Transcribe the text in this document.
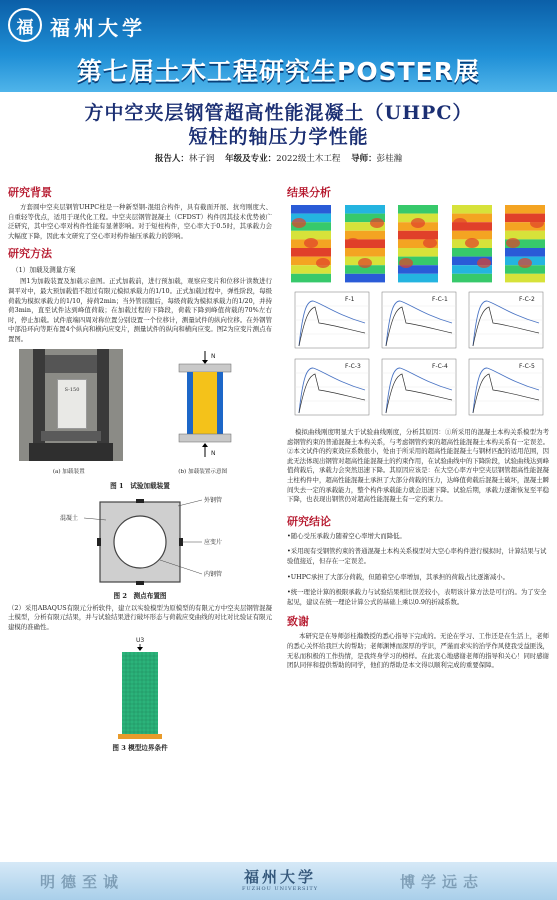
福 福州大学
第七届土木工程研究生POSTER展
方中空夹层钢管超高性能混凝土（UHPC）
短柱的轴压力学性能
报告人：林子润 年级及专业：2022级土木工程 导师：彭桂瀚
研究背景
方套圆中空夹层钢管UHPC柱是一种新型钢-混组合构件，具有截面开展、抗弯刚度大、自重轻等优点，适用于现代化工程。中空夹层钢管混凝土（CFDST）构件因其技术优势被广泛研究，其中空心率对构件性能有显著影响。对于短柱构件，空心率大于0.5时，其承载力会大幅度下降，因此本文研究了空心率对构件轴压承载力的影响。
研究方法
（1）加载及测量方案
图1为加载装置及加载示意图。正式加载前，进行预加载，观察应变片和位移计读数进行调平对中，最大预加载值不超过有限元模拟承载力的1/10。正式加载过程中，弹性阶段，每级荷载为模拟承载力的1/10，持荷2min；当外管屈服后，每级荷载为模拟承载力的1/20，并持荷3min，直至试件达到峰值荷载；在加载过程的下降段，荷载下降到峰值荷载的70%左右时，停止加载。试件底端四周对称位置分别设置一个位移计，测量试件的纵向位移。在外钢管中部沿环向等距布置4个纵向和横向应变片，测量试件的纵向和横向应变。图2为应变片测点布置图。
S-150
N
N
(a) 加载装置	(b) 加载装置示意图
图 1　试验加载装置
外钢管
混凝土
应变片
内钢管
图 2　测点布置图
（2）采用ABAQUS有限元分析软件，建立以实验模型为原模型的有限元方中空夹层钢管混凝土模型，分析有限元结果，并与试验结果进行破坏形态与荷载应变曲线的对比对比验证有限元建模的准确性。
U3
图 3 模型边界条件
结果分析
F-1	F-C-1	F-C-2
F-C-3	F-C-4	F-C-5
模拟曲线刚度明显大于试验曲线刚度，分析其原因：①所采用的混凝土本构关系模型为考虑钢管约束的普通混凝土本构关系，与考虑钢管约束的超高性能混凝土本构关系有一定误差。②本文试件的约束效应系数很小，处由于所采用的超高性能混凝土与钢材匹配的适用范围，因此无法体现出钢管对超高性能混凝土的约束作用，在试验曲线中的下降阶段，试验曲线达到峰值荷载后，承载力会突然迅速下降。其原因应该是：在大空心率方中空夹层钢管超高性能混凝土柱构件中，超高性能混凝土承担了大部分荷载的压力，达峰值荷载后混凝土破坏，混凝土瞬间失去一定的承载能力，整个构件承载能力就会迅速下降。试验后期，承载力逐渐恢复至平稳下降，也表现出钢管仍对超高性能混凝土有一定约束力。
研究结论
•随心受压承载力随着空心率增大而降低。
•采用现有受钢管约束的普通混凝土本构关系模型对大空心率构件进行模拟时，计算结果与试验值接近，但存在一定误差。
•UHPC承担了大部分荷载，但随着空心率增加，其承担的荷载占比逐渐减小。
•统一理论计算的极限承载力与试验结果相比误差较小，表明该计算方法是可行的。为了安全起见，建议在统一理论计算公式的基础上乘以0.9的折减系数。
致谢
本研究是在导师彭桂瀚教授的悉心指导下完成的。无论在学习、工作还是在生活上，老师的悉心关怀给我巨大的帮助；老师渊博而深厚的学识，严谨而求实的治学作风使我受益匪浅，无私而积极的工作热情，是我终身学习的榜样。在此衷心地感谢老师的指导和关心！同时感谢团队同伴和提供帮助的同学，他们的帮助是本文得以顺利完成的重要保障。
明德至诚	福州大学
FUZHOU UNIVERSITY	博学远志
